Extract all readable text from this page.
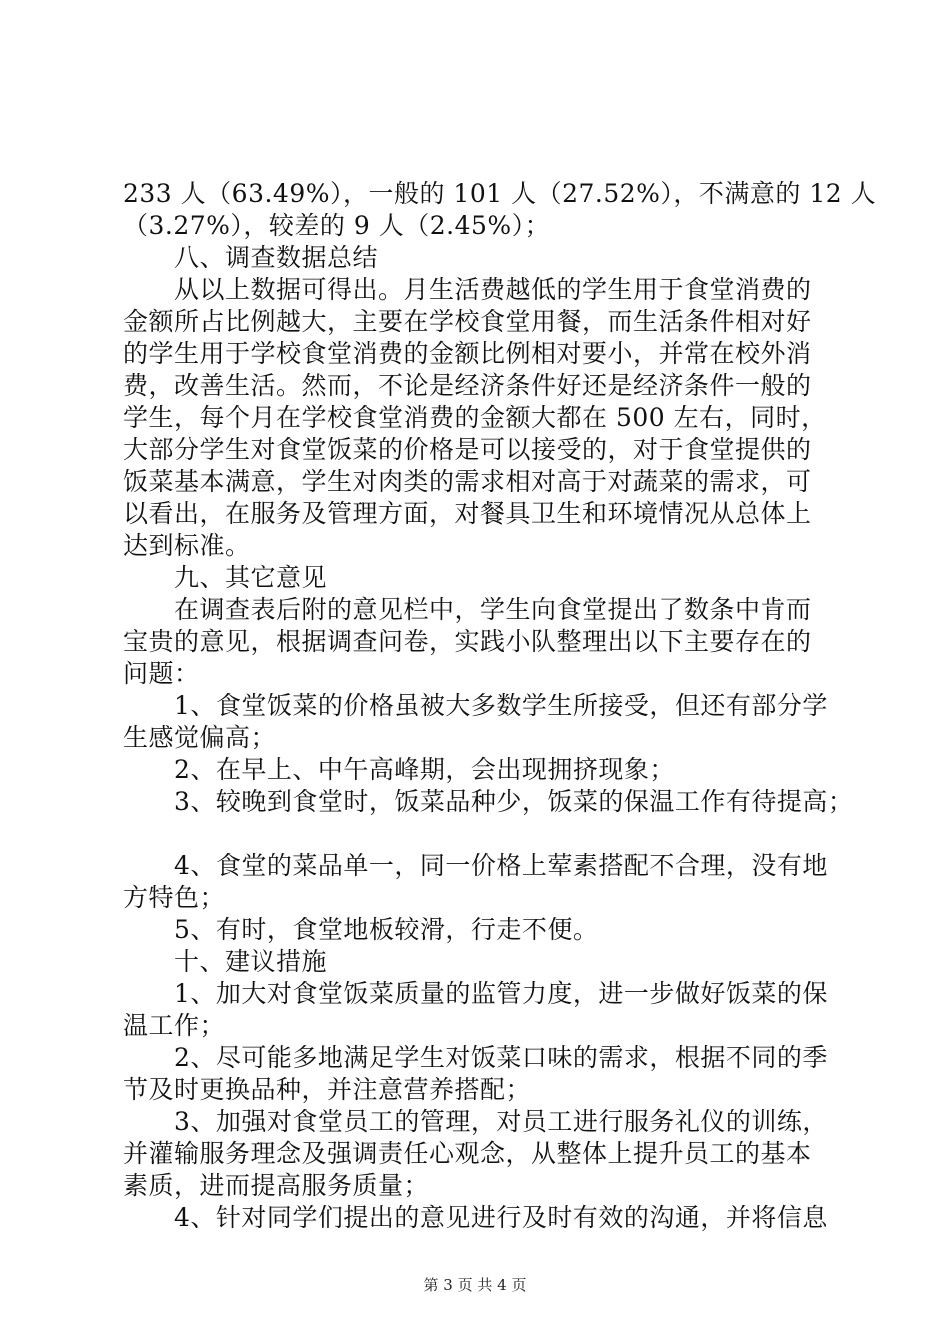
233 人（63.49%），一般的 101 人（27.52%），不满意的 12 人
（3.27%），较差的 9 人（2.45%）；
　　八、调查数据总结
　　从以上数据可得出。月生活费越低的学生用于食堂消费的
金额所占比例越大，主要在学校食堂用餐，而生活条件相对好
的学生用于学校食堂消费的金额比例相对要小，并常在校外消
费，改善生活。然而，不论是经济条件好还是经济条件一般的
学生，每个月在学校食堂消费的金额大都在 500 左右，同时，
大部分学生对食堂饭菜的价格是可以接受的，对于食堂提供的
饭菜基本满意，学生对肉类的需求相对高于对蔬菜的需求，可
以看出，在服务及管理方面，对餐具卫生和环境情况从总体上
达到标准。
　　九、其它意见
　　在调查表后附的意见栏中，学生向食堂提出了数条中肯而
宝贵的意见，根据调查问卷，实践小队整理出以下主要存在的
问题：
　　1、食堂饭菜的价格虽被大多数学生所接受，但还有部分学
生感觉偏高；
　　2、在早上、中午高峰期，会出现拥挤现象；
　　3、较晚到食堂时，饭菜品种少，饭菜的保温工作有待提高；
　　4、食堂的菜品单一，同一价格上荤素搭配不合理，没有地
方特色；
　　5、有时，食堂地板较滑，行走不便。
　　十、建议措施
　　1、加大对食堂饭菜质量的监管力度，进一步做好饭菜的保
温工作；
　　2、尽可能多地满足学生对饭菜口味的需求，根据不同的季
节及时更换品种，并注意营养搭配；
　　3、加强对食堂员工的管理，对员工进行服务礼仪的训练，
并灌输服务理念及强调责任心观念，从整体上提升员工的基本
素质，进而提高服务质量；
　　4、针对同学们提出的意见进行及时有效的沟通，并将信息
第 3 页 共 4 页
